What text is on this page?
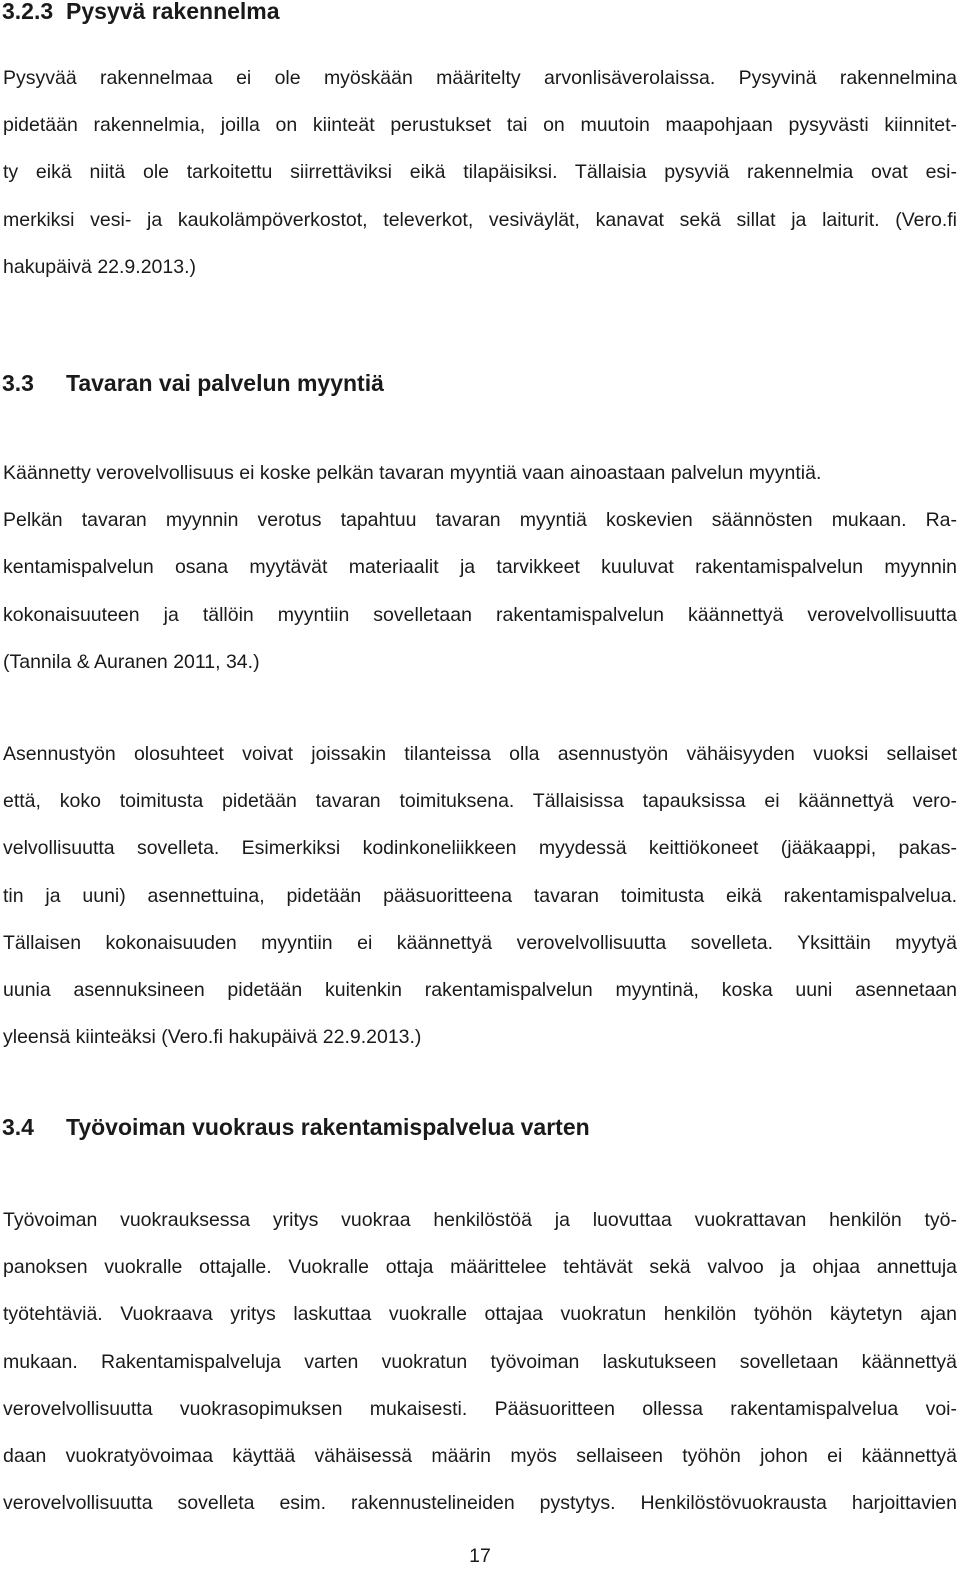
3.2.3 Pysyvä rakennelma
Pysyvää rakennelmaa ei ole myöskään määritelty arvonlisäverolaissa. Pysyvinä rakennelmina
pidetään rakennelmia, joilla on kiinteät perustukset tai on muutoin maapohjaan pysyvästi kiinnitet-
ty eikä niitä ole tarkoitettu siirrettäviksi eikä tilapäisiksi. Tällaisia pysyviä rakennelmia ovat esi-
merkiksi vesi- ja kaukolämpöverkostot, televerkot, vesiväylät, kanavat sekä sillat ja laiturit. (Vero.fi
hakupäivä 22.9.2013.)
3.3 Tavaran vai palvelun myyntiä
Käännetty verovelvollisuus ei koske pelkän tavaran myyntiä vaan ainoastaan palvelun myyntiä.
Pelkän tavaran myynnin verotus tapahtuu tavaran myyntiä koskevien säännösten mukaan. Ra-
kentamispalvelun osana myytävät materiaalit ja tarvikkeet kuuluvat rakentamispalvelun myynnin
kokonaisuuteen ja tällöin myyntiin sovelletaan rakentamispalvelun käännettyä verovelvollisuutta
(Tannila & Auranen 2011, 34.)
Asennustyön olosuhteet voivat joissakin tilanteissa olla asennustyön vähäisyyden vuoksi sellaiset
että, koko toimitusta pidetään tavaran toimituksena. Tällaisissa tapauksissa ei käännettyä vero-
velvollisuutta sovelleta. Esimerkiksi kodinkoneliikkeen myydessä keittiökoneet (jääkaappi, pakas-
tin ja uuni) asennettuina, pidetään pääsuoritteena tavaran toimitusta eikä rakentamispalvelua.
Tällaisen kokonaisuuden myyntiin ei käännettyä verovelvollisuutta sovelleta. Yksittäin myytyä
uunia asennuksineen pidetään kuitenkin rakentamispalvelun myyntinä, koska uuni asennetaan
yleensä kiinteäksi (Vero.fi hakupäivä 22.9.2013.)
3.4 Työvoiman vuokraus rakentamispalvelua varten
Työvoiman vuokrauksessa yritys vuokraa henkilöstöä ja luovuttaa vuokrattavan henkilön työ-
panoksen vuokralle ottajalle. Vuokralle ottaja määrittelee tehtävät sekä valvoo ja ohjaa annettuja
työtehtäviä. Vuokraava yritys laskuttaa vuokralle ottajaa vuokratun henkilön työhön käytetyn ajan
mukaan. Rakentamispalveluja varten vuokratun työvoiman laskutukseen sovelletaan käännettyä
verovelvollisuutta vuokrasopimuksen mukaisesti. Pääsuoritteen ollessa rakentamispalvelua voi-
daan vuokratyövoimaa käyttää vähäisessä määrin myös sellaiseen työhön johon ei käännettyä
verovelvollisuutta sovelleta esim. rakennustelineiden pystytys. Henkilöstövuokrausta harjoittavien
17
